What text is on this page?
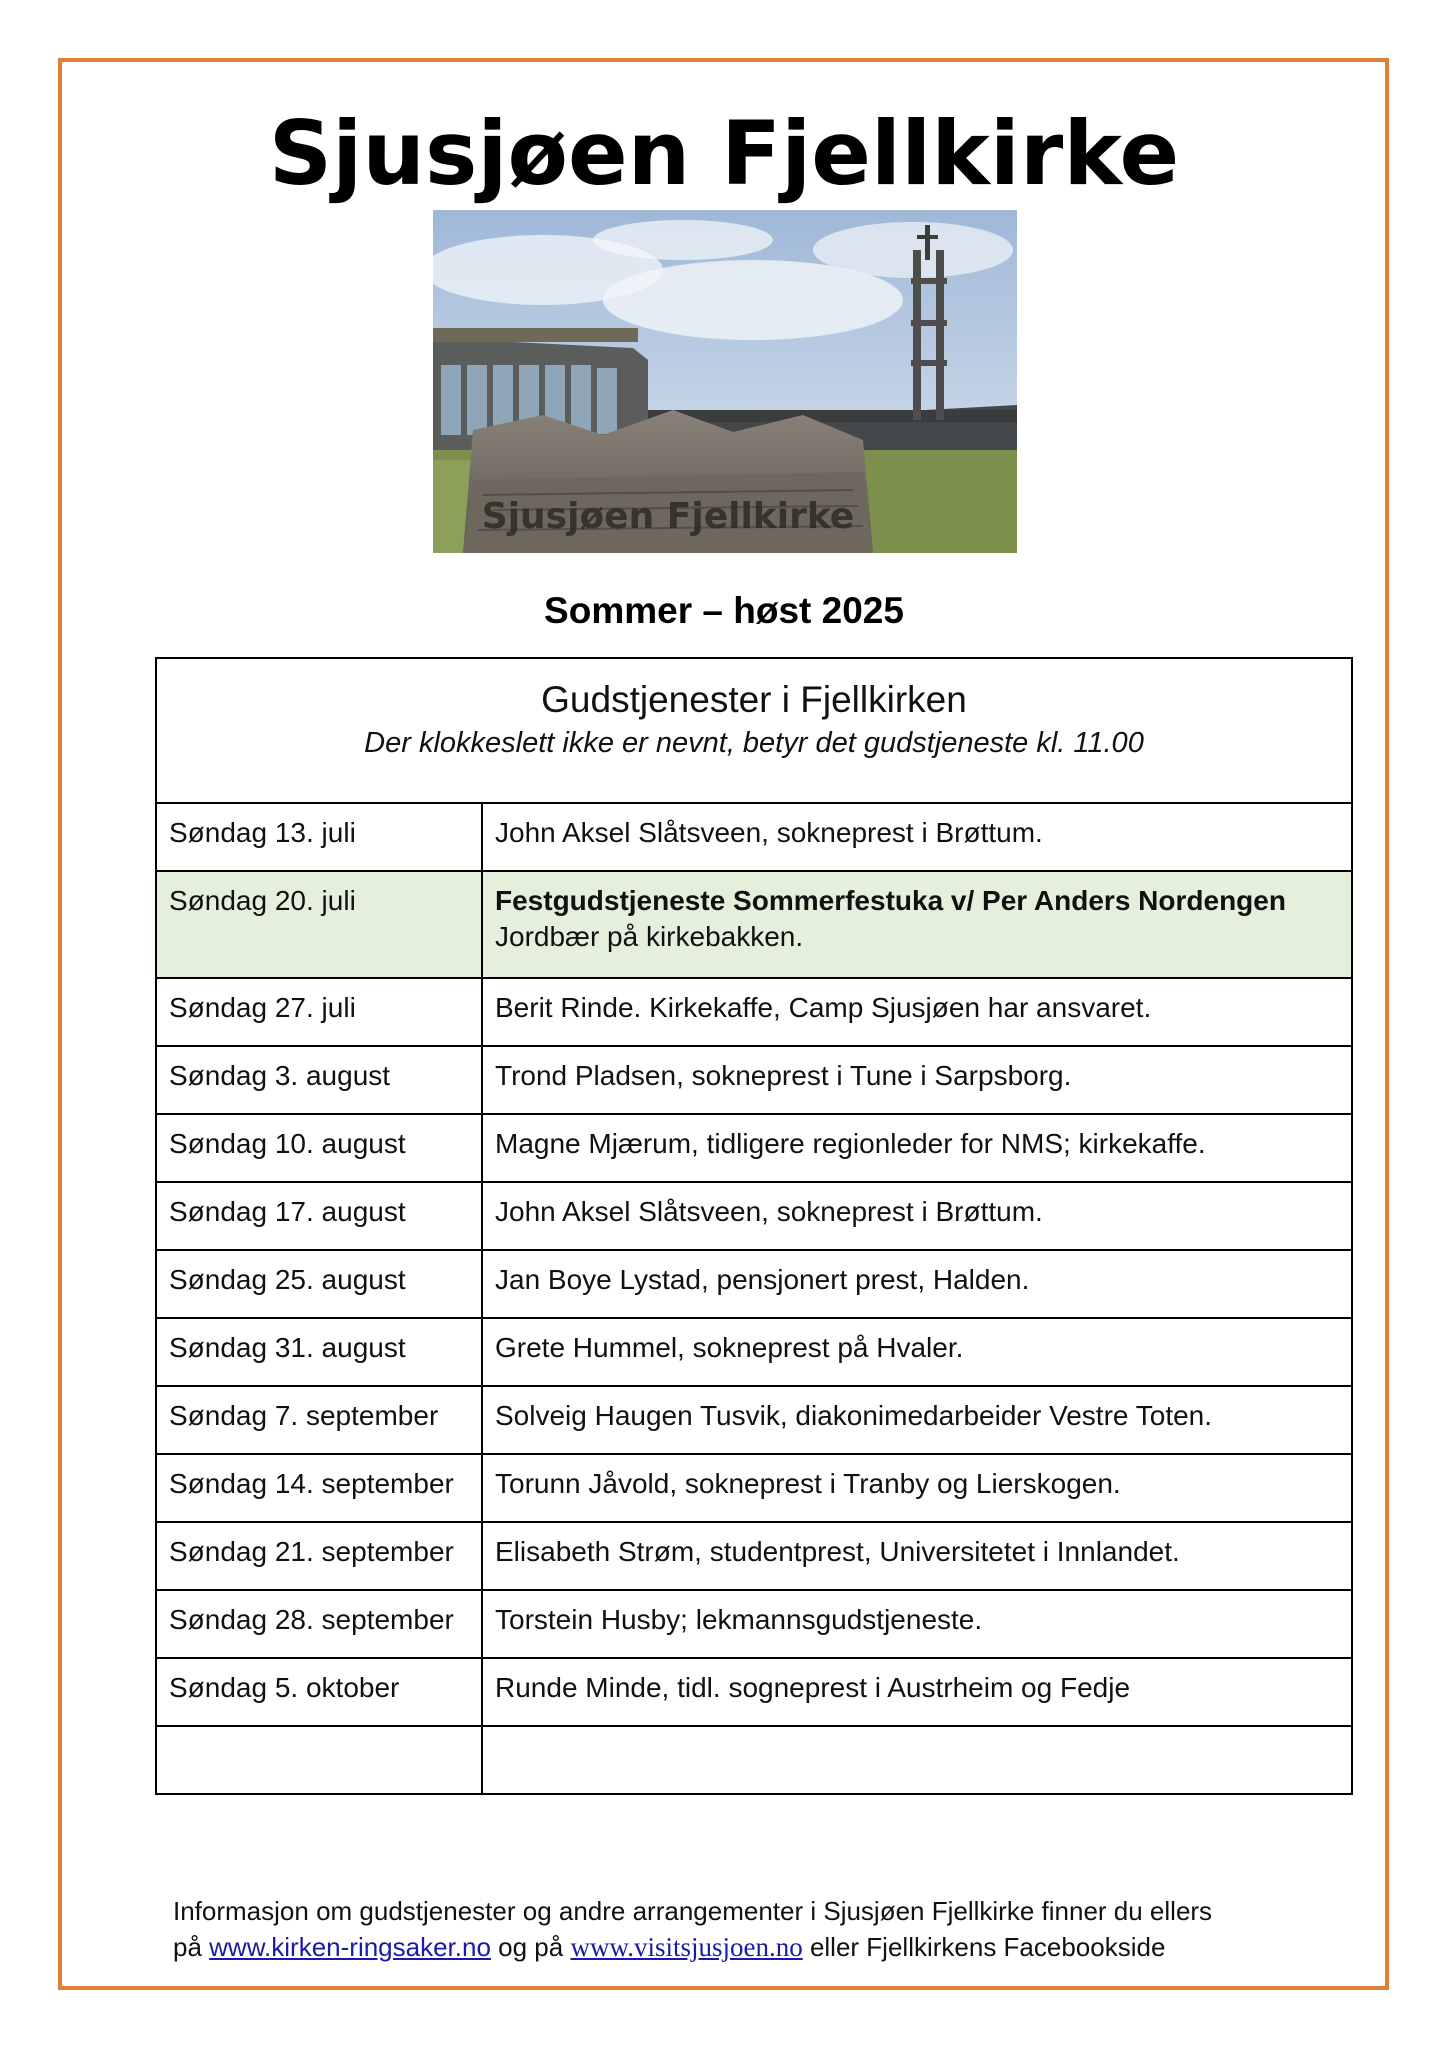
Sjusjøen Fjellkirke
Sjusjøen Fjellkirke
Sommer – høst 2025
Gudstjenester i Fjellkirken
Der klokkeslett ikke er nevnt, betyr det gudstjeneste kl. 11.00	

Søndag 13. juli	John Aksel Slåtsveen, sokneprest i Brøttum.
Søndag 20. juli	Festgudstjeneste Sommerfestuka v/ Per Anders Nordengen
Jordbær på kirkebakken.

Søndag 27. juli	Berit Rinde. Kirkekaffe, Camp Sjusjøen har ansvaret.
Søndag 3. august	Trond Pladsen, sokneprest i Tune i Sarpsborg.
Søndag 10. august	Magne Mjærum, tidligere regionleder for NMS; kirkekaffe.
Søndag 17. august	John Aksel Slåtsveen, sokneprest i Brøttum.
Søndag 25. august	Jan Boye Lystad, pensjonert prest, Halden.
Søndag 31. august	Grete Hummel, sokneprest på Hvaler.
Søndag 7. september	Solveig Haugen Tusvik, diakonimedarbeider Vestre Toten.
Søndag 14. september	Torunn Jåvold, sokneprest i Tranby og Lierskogen.
Søndag 21. september	Elisabeth Strøm, studentprest, Universitetet i Innlandet.
Søndag 28. september	Torstein Husby; lekmannsgudstjeneste.
Søndag 5. oktober	Runde Minde, tidl. sogneprest i Austrheim og Fedje

Informasjon om gudstjenester og andre arrangementer i Sjusjøen Fjellkirke finner du ellers
på www.kirken-ringsaker.no og på www.visitsjusjoen.no eller Fjellkirkens Facebookside
